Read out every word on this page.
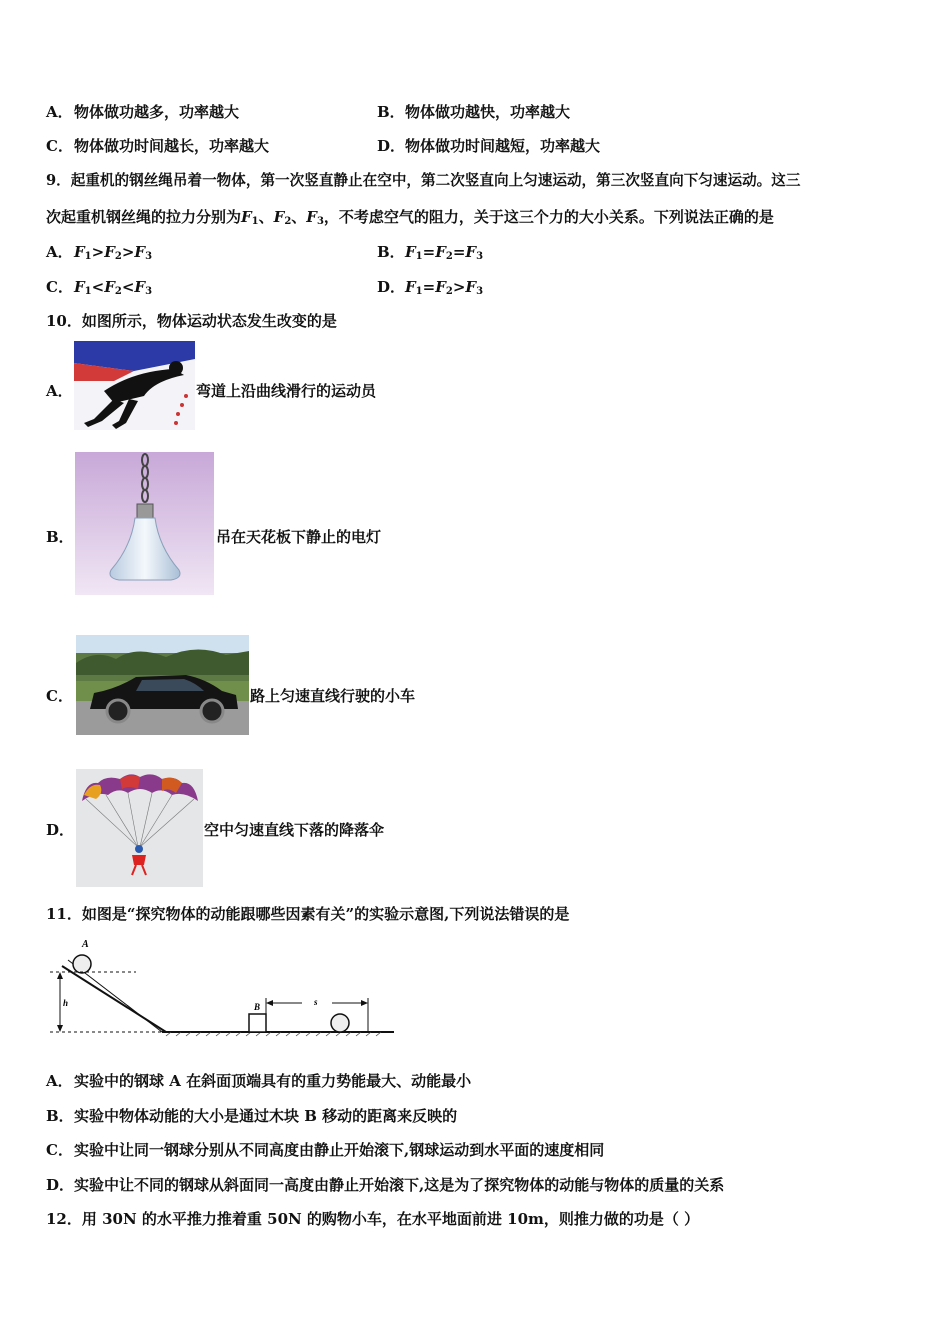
A．物体做功越多，功率越大	B．物体做功越快，功率越大
C．物体做功时间越长，功率越大	D．物体做功时间越短，功率越大
9．起重机的钢丝绳吊着一物体，第一次竖直静止在空中，第二次竖直向上匀速运动，第三次竖直向下匀速运动。这三
次起重机钢丝绳的拉力分别为$F_1$、$F_2$、$F_3$，不考虑空气的阻力，关于这三个力的大小关系。下列说法正确的是
A．$F_1>F_2>F_3$	B．$F_1=F_2=F_3$
C．$F_1<F_2<F_3$	D．$F_1=F_2>F_3$
10．如图所示，物体运动状态发生改变的是
A．	弯道上沿曲线滑行的运动员
B．	吊在天花板下静止的电灯
C．	路上匀速直线行驶的小车
D．	空中匀速直线下落的降落伞
11．如图是“探究物体的动能跟哪些因素有关”的实验示意图,下列说法错误的是
A
h	B	s
A．实验中的钢球 A 在斜面顶端具有的重力势能最大、动能最小
B．实验中物体动能的大小是通过木块 B 移动的距离来反映的
C．实验中让同一钢球分别从不同高度由静止开始滚下,钢球运动到水平面的速度相同
D．实验中让不同的钢球从斜面同一高度由静止开始滚下,这是为了探究物体的动能与物体的质量的关系
12．用 30N 的水平推力推着重 50N 的购物小车，在水平地面前进 10m，则推力做的功是（ ）
